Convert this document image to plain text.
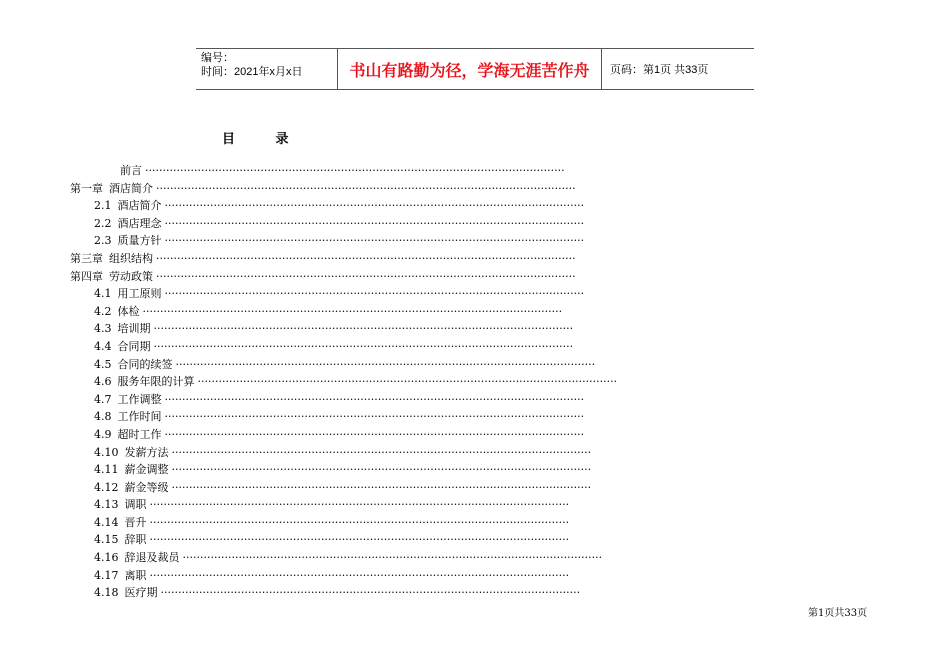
编号：
时间：2021年x月x日	书山有路勤为径，学海无涯苦作舟	页码：第1页 共33页
目 录
前言 ························································································································
第一章 酒店简介 ························································································································
2.1 酒店简介 ························································································································
2.2 酒店理念 ························································································································
2.3 质量方针 ························································································································
第三章 组织结构 ························································································································
第四章 劳动政策 ························································································································
4.1 用工原则 ························································································································
4.2 体检 ························································································································
4.3 培训期 ························································································································
4.4 合同期 ························································································································
4.5 合同的续签 ························································································································
4.6 服务年限的计算 ························································································································
4.7 工作调整 ························································································································
4.8 工作时间 ························································································································
4.9 超时工作 ························································································································
4.10 发薪方法 ························································································································
4.11 薪金调整 ························································································································
4.12 薪金等级 ························································································································
4.13 调职 ························································································································
4.14 晋升 ························································································································
4.15 辞职 ························································································································
4.16 辞退及裁员 ························································································································
4.17 离职 ························································································································
4.18 医疗期 ························································································································
第1页共33页
